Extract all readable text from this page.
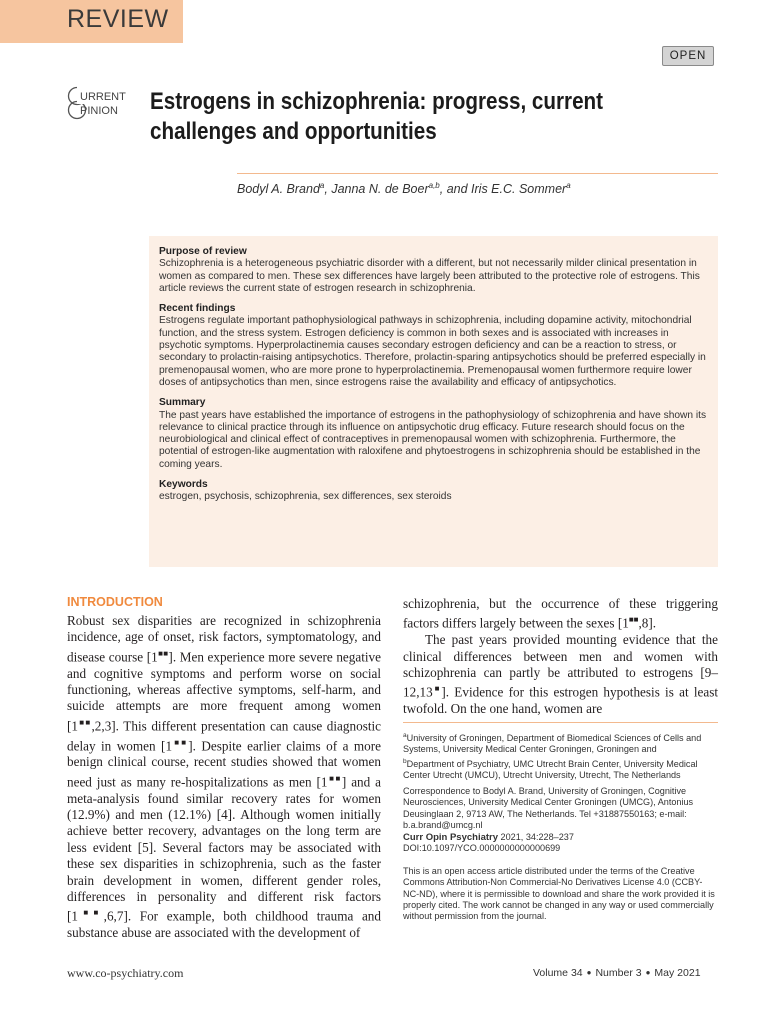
REVIEW
OPEN
URRENT
PINION Estrogens in schizophrenia: progress, current challenges and opportunities
Bodyl A. Brand$^a$, Janna N. de Boer$^{a,b}$, and Iris E.C. Sommer$^a$
Purpose of review

Schizophrenia is a heterogeneous psychiatric disorder with a different, but not necessarily milder clinical presentation in women as compared to men. These sex differences have largely been attributed to the protective role of estrogens. This article reviews the current state of estrogen research in schizophrenia.

Recent findings

Estrogens regulate important pathophysiological pathways in schizophrenia, including dopamine activity, mitochondrial function, and the stress system. Estrogen deficiency is common in both sexes and is associated with increases in psychotic symptoms. Hyperprolactinemia causes secondary estrogen deficiency and can be a reaction to stress, or secondary to prolactin-raising antipsychotics. Therefore, prolactin-sparing antipsychotics should be preferred especially in premenopausal women, who are more prone to hyperprolactinemia. Premenopausal women furthermore require lower doses of antipsychotics than men, since estrogens raise the availability and efficacy of antipsychotics.

Summary

The past years have established the importance of estrogens in the pathophysiology of schizophrenia and have shown its relevance to clinical practice through its influence on antipsychotic drug efficacy. Future research should focus on the neurobiological and clinical effect of contraceptives in premenopausal women with schizophrenia. Furthermore, the potential of estrogen-like augmentation with raloxifene and phytoestrogens in schizophrenia should be established in the coming years.

Keywords

estrogen, psychosis, schizophrenia, sex differences, sex steroids

INTRODUCTION

Robust sex disparities are recognized in schizophrenia incidence, age of onset, risk factors, symptomatology, and disease course [1■■]. Men experience more severe negative and cognitive symptoms and perform worse on social functioning, whereas affective symptoms, self-harm, and suicide attempts are more frequent among women [1■■,2,3]. This different presentation can cause diagnostic delay in women [1■■]. Despite earlier claims of a more benign clinical course, recent studies showed that women need just as many re-hospitalizations as men [1■■] and a meta-analysis found similar recovery rates for women (12.9%) and men (12.1%) [4]. Although women initially achieve better recovery, advantages on the long term are less evident [5]. Several factors may be associated with these sex disparities in schizophrenia, such as the faster brain development in women, different gender roles, differences in personality and different risk factors [1■■,6,7]. For example, both childhood trauma and substance abuse are associated with the development of

schizophrenia, but the occurrence of these triggering factors differs largely between the sexes [1■■,8].

The past years provided mounting evidence that the clinical differences between men and women with schizophrenia can partly be attributed to estrogens [9–12,13■]. Evidence for this estrogen hypothesis is at least twofold. On the one hand, women are

$^a$University of Groningen, Department of Biomedical Sciences of Cells and Systems, University Medical Center Groningen, Groningen and
$^b$Department of Psychiatry, UMC Utrecht Brain Center, University Medical Center Utrecht (UMCU), Utrecht University, Utrecht, The Netherlands
Correspondence to Bodyl A. Brand, University of Groningen, Cognitive Neurosciences, University Medical Center Groningen (UMCG), Antonius Deusinglaan 2, 9713 AW, The Netherlands. Tel +31887550163; e-mail: b.a.brand@umcg.nl
Curr Opin Psychiatry 2021, 34:228–237
DOI:10.1097/YCO.0000000000000699
This is an open access article distributed under the terms of the Creative Commons Attribution-Non Commercial-No Derivatives License 4.0 (CCBY-NC-ND), where it is permissible to download and share the work provided it is properly cited. The work cannot be changed in any way or used commercially without permission from the journal.
www.co-psychiatry.com	Volume 34 ● Number 3 ● May 2021
